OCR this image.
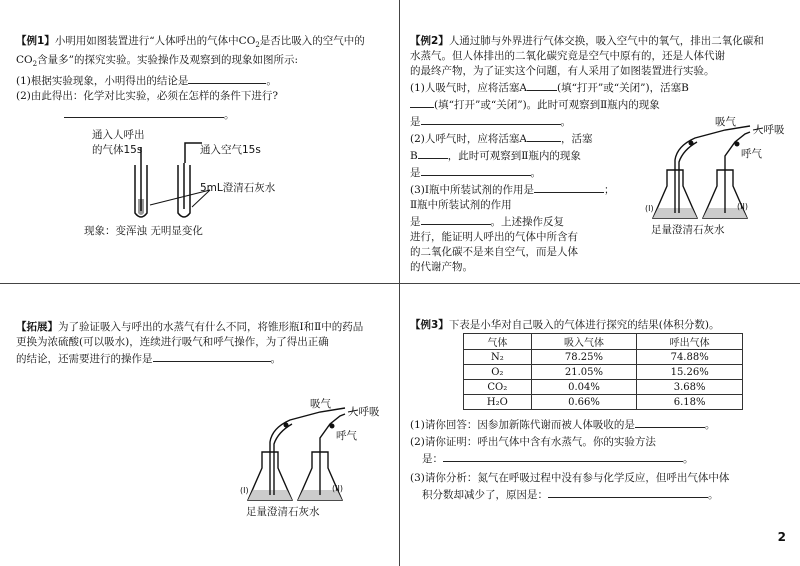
【例1】小明用如图装置进行“人体呼出的气体中$CO_2$是否比吸入的空气中的

$CO_2$含量多”的探究实验。实验操作及观察到的现象如图所示:

(1)根据实验现象，小明得出的结论是	。

(2)由此得出：化学对比实验，必须在怎样的条件下进行?

。

通入人呼出
的气体15s	通入空气15s
5mL澄清石灰水
现象：变浑浊 无明显变化

【例2】人通过肺与外界进行气体交换，吸入空气中的氧气，排出二氧化碳和

水蒸气。但人体排出的二氧化碳究竟是空气中原有的，还是人体代谢

的最终产物，为了证实这个问题，有人采用了如图装置进行实验。

(1)人吸气时，应将活塞A	(填“打开”或“关闭”)，活塞B

(填“打开”或“关闭”)。此时可观察到Ⅱ瓶内的现象

是	。

(2)人呼气时，应将活塞A	，活塞

B	，此时可观察到Ⅱ瓶内的现象

是	。

(3)Ⅰ瓶中所装试剂的作用是	；

Ⅱ瓶中所装试剂的作用

是	。上述操作反复

进行，能证明人呼出的气体中所含有

的二氧化碳不是来自空气，而是人体

的代谢产物。

吸气
人呼吸
呼气
(I)	(II)
足量澄清石灰水

【拓展】为了验证吸入与呼出的水蒸气有什么不同，将锥形瓶Ⅰ和Ⅱ中的药品

更换为浓硫酸(可以吸水)，连续进行吸气和呼气操作，为了得出正确

的结论，还需要进行的操作是	。

吸气
人呼吸
呼气
(I)	(II)
足量澄清石灰水

【例3】下表是小华对自己吸入的气体进行探究的结果(体积分数)。

气体	吸入气体	呼出气体
N₂	78.25%	74.88%
O₂	21.05%	15.26%
CO₂	0.04%	3.68%
H₂O	0.66%	6.18%

(1)请你回答：因参加新陈代谢而被人体吸收的是	。

(2)请你证明：呼出气体中含有水蒸气。你的实验方法

是：	。

(3)请你分析：氮气在呼吸过程中没有参与化学反应，但呼出气体中体

积分数却减少了，原因是：	。

2
